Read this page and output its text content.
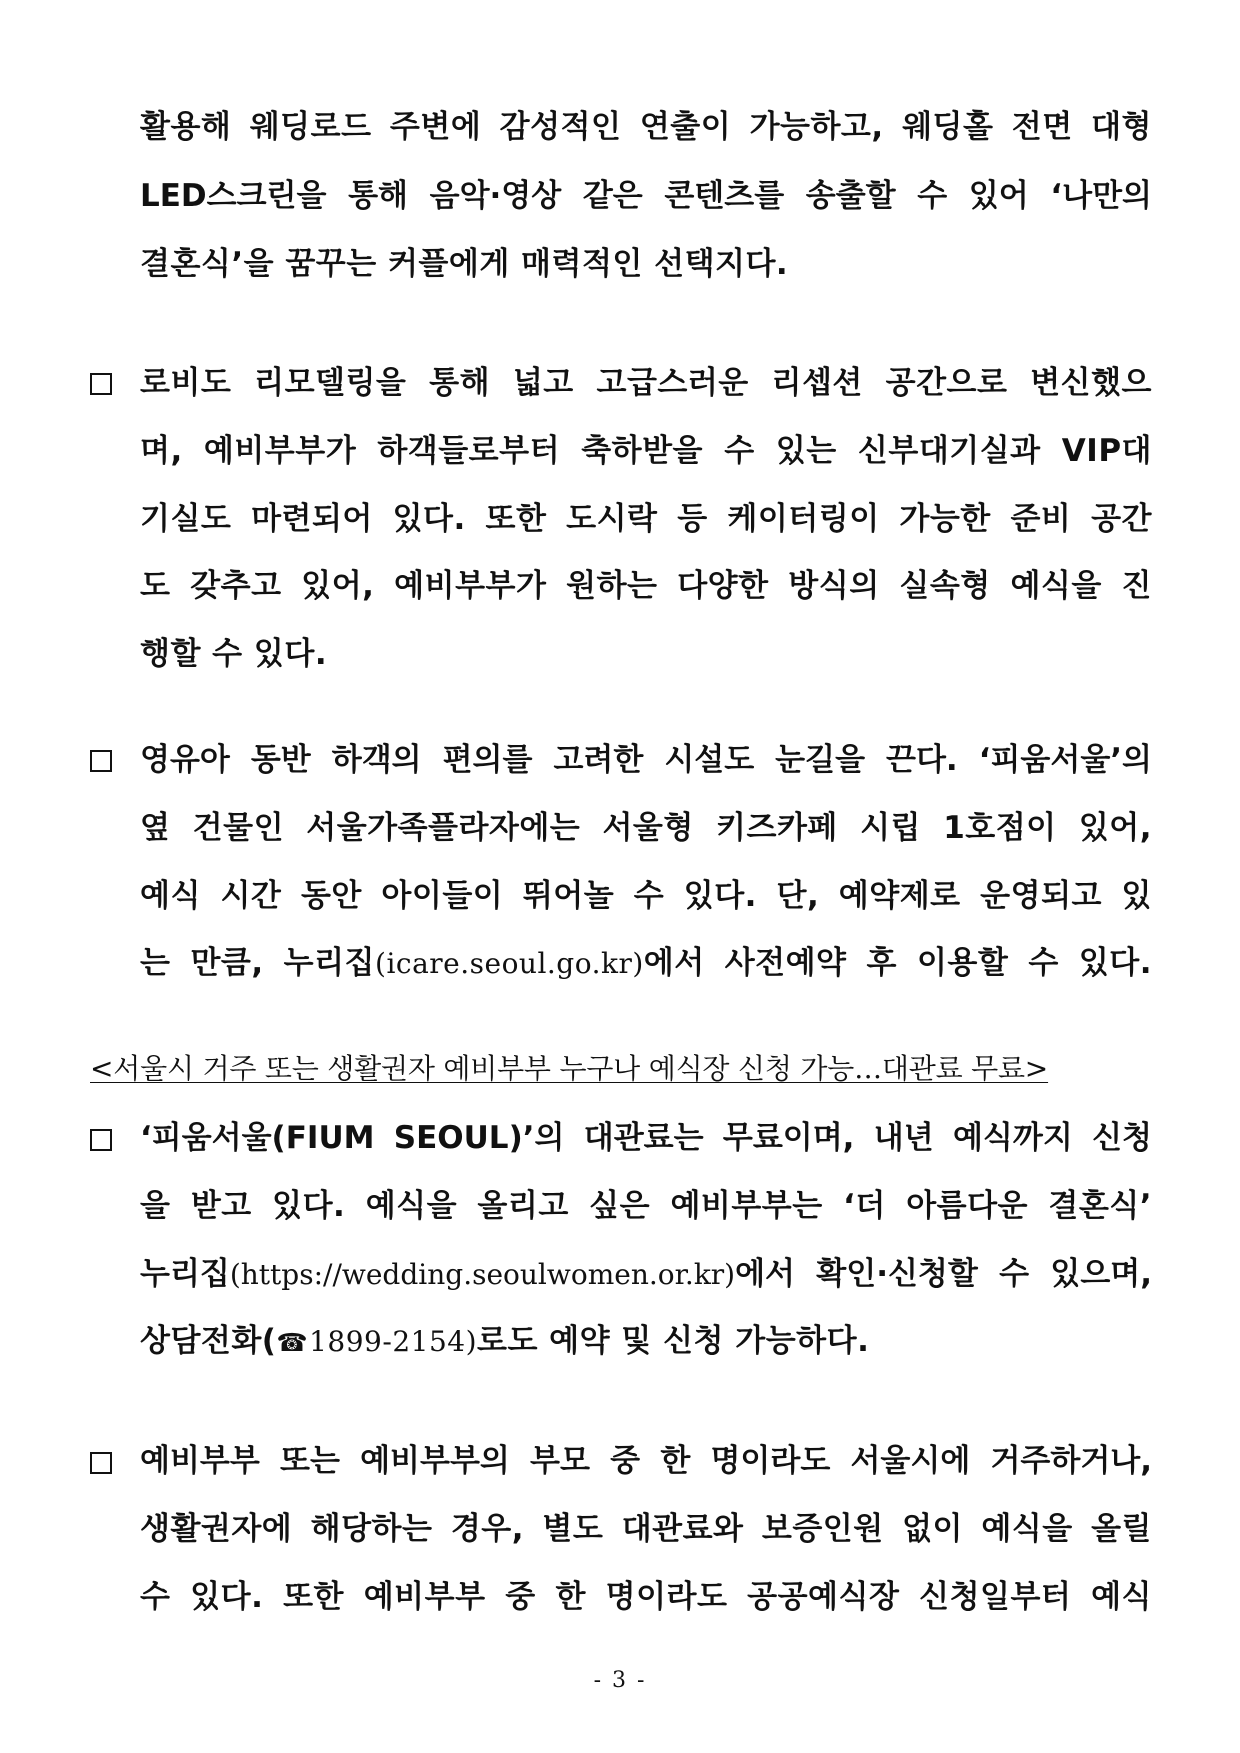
활용해 웨딩로드 주변에 감성적인 연출이 가능하고, 웨딩홀 전면 대형
LED스크린을 통해 음악·영상 같은 콘텐츠를 송출할 수 있어 ‘나만의
결혼식’을 꿈꾸는 커플에게 매력적인 선택지다.
로비도 리모델링을 통해 넓고 고급스러운 리셉션 공간으로 변신했으
며, 예비부부가 하객들로부터 축하받을 수 있는 신부대기실과 VIP대
기실도 마련되어 있다. 또한 도시락 등 케이터링이 가능한 준비 공간
도 갖추고 있어, 예비부부가 원하는 다양한 방식의 실속형 예식을 진
행할 수 있다.
영유아 동반 하객의 편의를 고려한 시설도 눈길을 끈다. ‘피움서울’의
옆 건물인 서울가족플라자에는 서울형 키즈카페 시립 1호점이 있어,
예식 시간 동안 아이들이 뛰어놀 수 있다. 단, 예약제로 운영되고 있
는 만큼, 누리집(icare.seoul.go.kr)에서 사전예약 후 이용할 수 있다.
<서울시 거주 또는 생활권자 예비부부 누구나 예식장 신청 가능…대관료 무료>
‘피움서울(FIUM SEOUL)’의 대관료는 무료이며, 내년 예식까지 신청
을 받고 있다. 예식을 올리고 싶은 예비부부는 ‘더 아름다운 결혼식’
누리집(https://wedding.seoulwomen.or.kr)에서 확인·신청할 수 있으며,
상담전화(☎1899-2154)로도 예약 및 신청 가능하다.
예비부부 또는 예비부부의 부모 중 한 명이라도 서울시에 거주하거나,
생활권자에 해당하는 경우, 별도 대관료와 보증인원 없이 예식을 올릴
수 있다. 또한 예비부부 중 한 명이라도 공공예식장 신청일부터 예식
- 3 -
